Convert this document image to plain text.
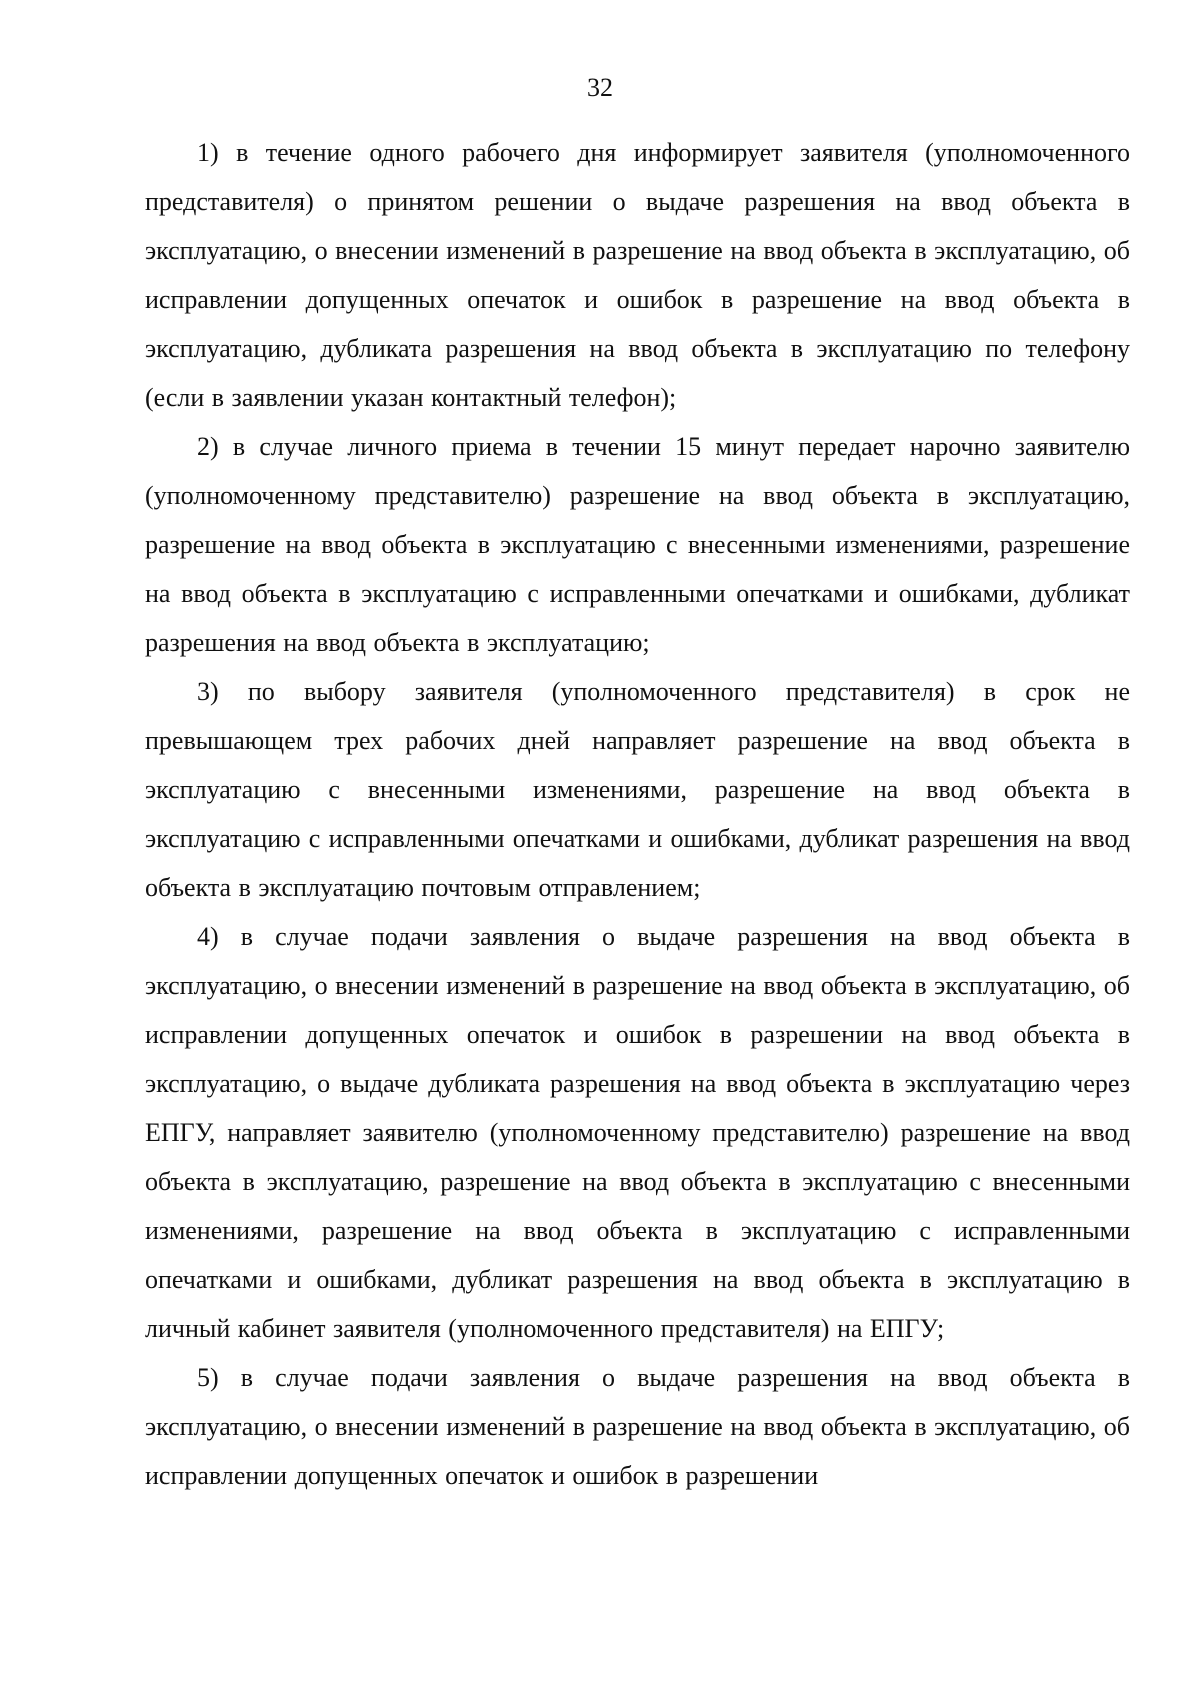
32

1) в течение одного рабочего дня информирует заявителя (уполномоченного представителя) о принятом решении о выдаче разрешения на ввод объекта в эксплуатацию, о внесении изменений в разрешение на ввод объекта в эксплуатацию, об исправлении допущенных опечаток и ошибок в разрешение на ввод объекта в эксплуатацию, дубликата разрешения на ввод объекта в эксплуатацию по телефону (если в заявлении указан контактный телефон);

2) в случае личного приема в течении 15 минут передает нарочно заявителю (уполномоченному представителю) разрешение на ввод объекта в эксплуатацию, разрешение на ввод объекта в эксплуатацию с внесенными изменениями, разрешение на ввод объекта в эксплуатацию с исправленными опечатками и ошибками, дубликат разрешения на ввод объекта в эксплуатацию;

3) по выбору заявителя (уполномоченного представителя) в срок не превышающем трех рабочих дней направляет разрешение на ввод объекта в эксплуатацию с внесенными изменениями, разрешение на ввод объекта в эксплуатацию с исправленными опечатками и ошибками, дубликат разрешения на ввод объекта в эксплуатацию почтовым отправлением;

4) в случае подачи заявления о выдаче разрешения на ввод объекта в эксплуатацию, о внесении изменений в разрешение на ввод объекта в эксплуатацию, об исправлении допущенных опечаток и ошибок в разрешении на ввод объекта в эксплуатацию, о выдаче дубликата разрешения на ввод объекта в эксплуатацию через ЕПГУ, направляет заявителю (уполномоченному представителю) разрешение на ввод объекта в эксплуатацию, разрешение на ввод объекта в эксплуатацию с внесенными изменениями, разрешение на ввод объекта в эксплуатацию с исправленными опечатками и ошибками, дубликат разрешения на ввод объекта в эксплуатацию в личный кабинет заявителя (уполномоченного представителя) на ЕПГУ;

5) в случае подачи заявления о выдаче разрешения на ввод объекта в эксплуатацию, о внесении изменений в разрешение на ввод объекта в эксплуатацию, об исправлении допущенных опечаток и ошибок в разрешении
